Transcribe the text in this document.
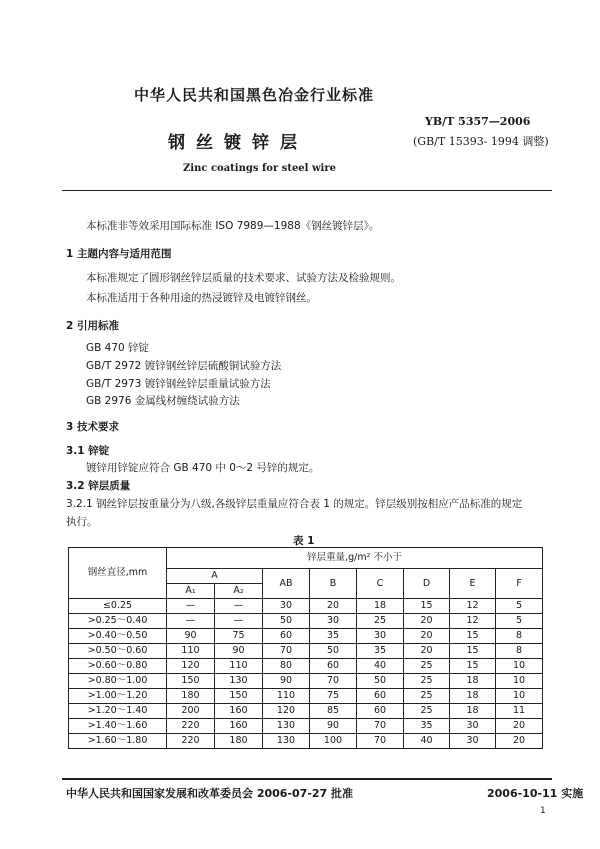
中华人民共和国黑色冶金行业标准
YB/T 5357—2006
(GB/T 15393- 1994 调整)
钢丝镀锌层
Zinc coatings for steel wire
本标准非等效采用国际标准 ISO 7989—1988《钢丝镀锌层》。
1 主题内容与适用范围
本标准规定了圆形钢丝锌层质量的技术要求、试验方法及检验规则。
本标准适用于各种用途的热浸镀锌及电镀锌钢丝。
2 引用标准
GB 470 锌锭
GB/T 2972 镀锌钢丝锌层硫酸铜试验方法
GB/T 2973 镀锌钢丝锌层重量试验方法
GB 2976 金属线材缠绕试验方法
3 技术要求
3.1 锌锭
镀锌用锌锭应符合 GB 470 中 0～2 号锌的规定。
3.2 锌层质量
3.2.1 钢丝锌层按重量分为八级,各级锌层重量应符合表 1 的规定。锌层级别按相应产品标准的规定
执行。
表 1
钢丝直径,mm	锌层重量,g/m² 不小于							
	A		AB	B	C	D	E	F
	A₁	A₂						
≤0.25	—	—	30	20	18	15	12	5
>0.25～0.40	—	—	50	30	25	20	12	5
>0.40～0.50	90	75	60	35	30	20	15	8
>0.50～0.60	110	90	70	50	35	20	15	8
>0.60～0.80	120	110	80	60	40	25	15	10
>0.80～1.00	150	130	90	70	50	25	18	10
>1.00～1.20	180	150	110	75	60	25	18	10
>1.20～1.40	200	160	120	85	60	25	18	11
>1.40～1.60	220	160	130	90	70	35	30	20
>1.60～1.80	220	180	130	100	70	40	30	20
中华人民共和国国家发展和改革委员会 2006-07-27 批准	2006-10-11 实施
1
